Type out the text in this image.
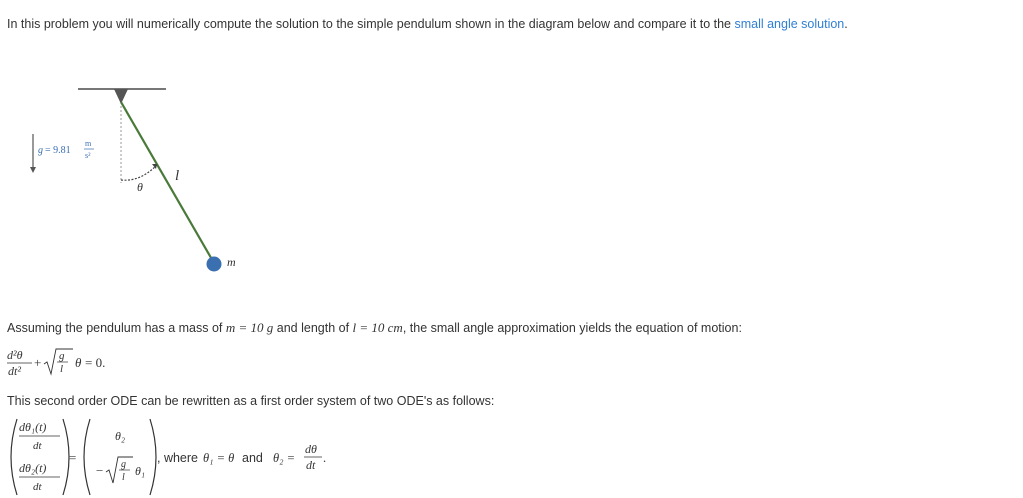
In this problem you will numerically compute the solution to the simple pendulum shown in the diagram below and compare it to the small angle solution.
g = 9.81
m
s²
θ
l
m
Assuming the pendulum has a mass of m = 10 g and length of l = 10 cm, the small angle approximation yields the equation of motion:
d²θ
dt²
+ g
l θ = 0.
This second order ODE can be rewritten as a first order system of two ODE's as follows:
dθ₁(t)
dt
dθ₂(t)
dt
=
θ₂
− g
l θ₁
, where θ₁ = θ and θ₂ =
dθ
dt .
